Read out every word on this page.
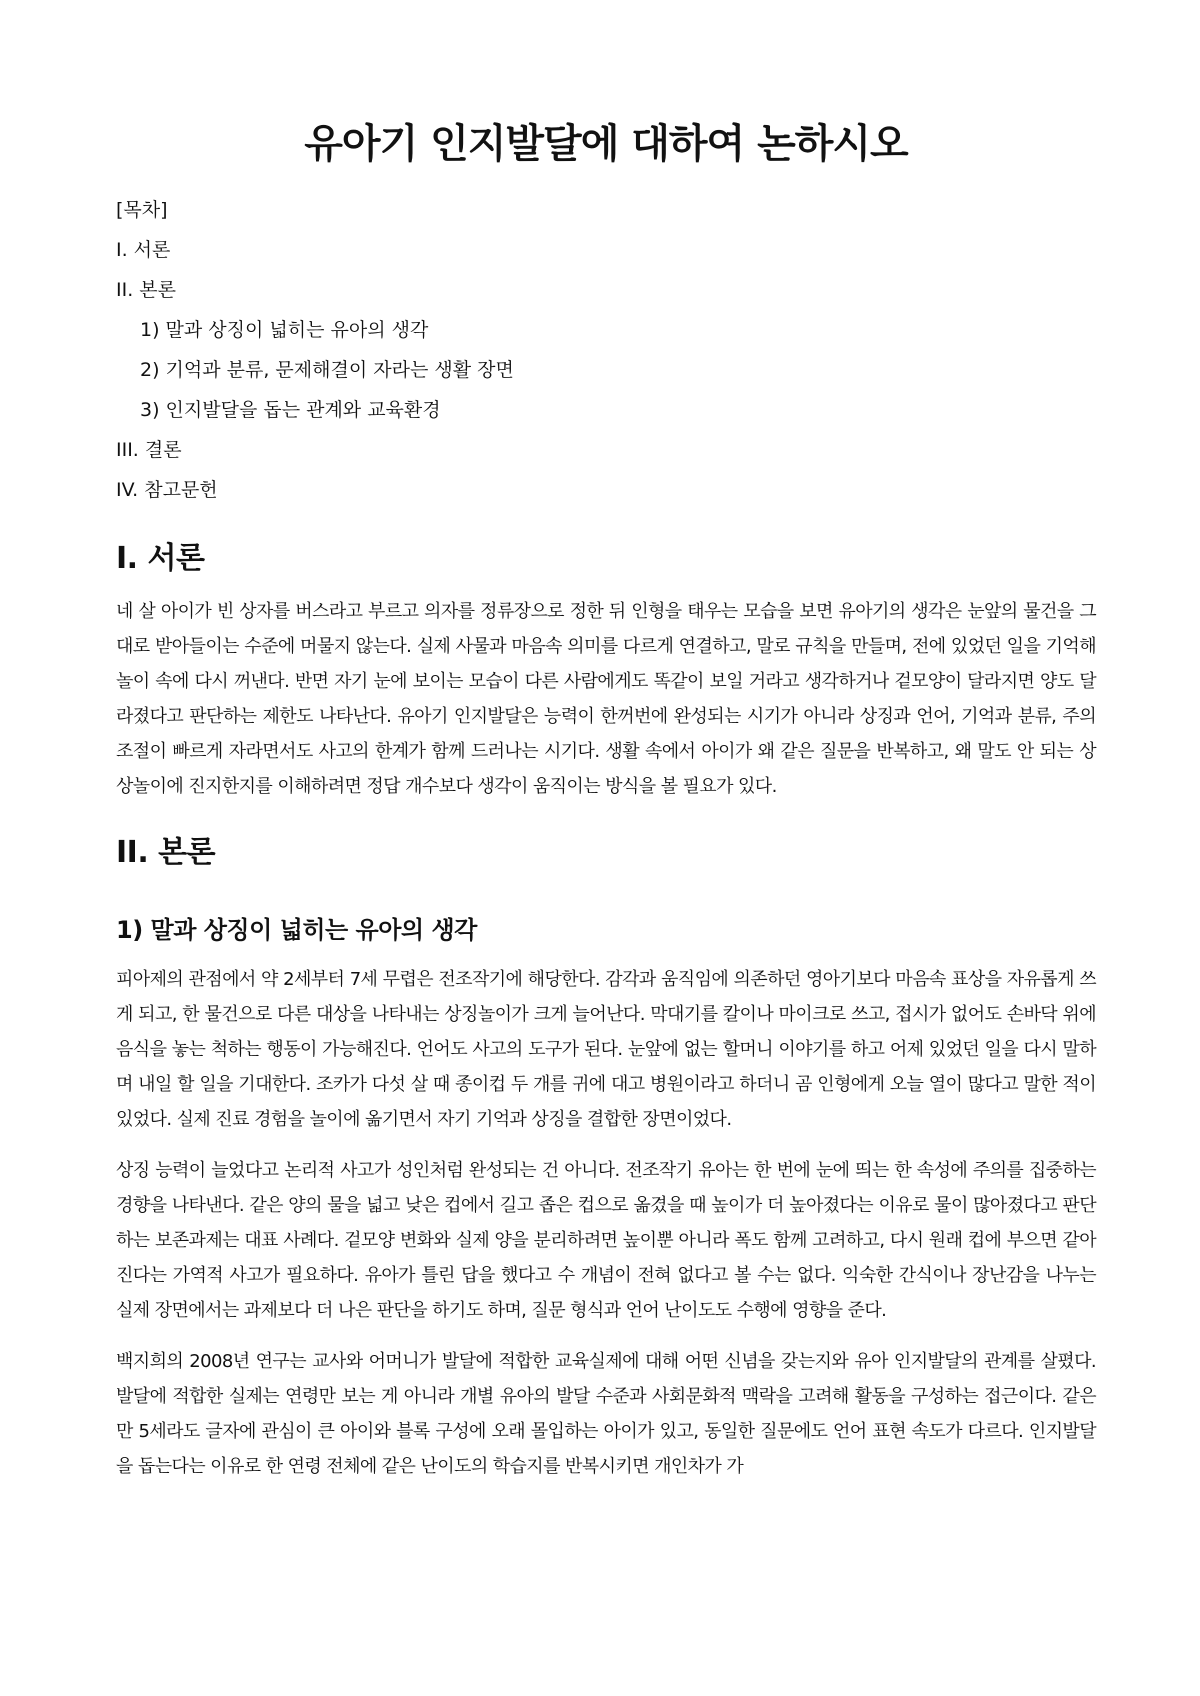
유아기 인지발달에 대하여 논하시오
[목차]
I. 서론
II. 본론
1) 말과 상징이 넓히는 유아의 생각
2) 기억과 분류, 문제해결이 자라는 생활 장면
3) 인지발달을 돕는 관계와 교육환경
III. 결론
IV. 참고문헌
I. 서론

네 살 아이가 빈 상자를 버스라고 부르고 의자를 정류장으로 정한 뒤 인형을 태우는 모습을 보면 유아기의 생각은 눈앞의 물건을 그대로 받아들이는 수준에 머물지 않는다. 실제 사물과 마음속 의미를 다르게 연결하고, 말로 규칙을 만들며, 전에 있었던 일을 기억해 놀이 속에 다시 꺼낸다. 반면 자기 눈에 보이는 모습이 다른 사람에게도 똑같이 보일 거라고 생각하거나 겉모양이 달라지면 양도 달라졌다고 판단하는 제한도 나타난다. 유아기 인지발달은 능력이 한꺼번에 완성되는 시기가 아니라 상징과 언어, 기억과 분류, 주의조절이 빠르게 자라면서도 사고의 한계가 함께 드러나는 시기다. 생활 속에서 아이가 왜 같은 질문을 반복하고, 왜 말도 안 되는 상상놀이에 진지한지를 이해하려면 정답 개수보다 생각이 움직이는 방식을 볼 필요가 있다.

II. 본론
1) 말과 상징이 넓히는 유아의 생각

피아제의 관점에서 약 2세부터 7세 무렵은 전조작기에 해당한다. 감각과 움직임에 의존하던 영아기보다 마음속 표상을 자유롭게 쓰게 되고, 한 물건으로 다른 대상을 나타내는 상징놀이가 크게 늘어난다. 막대기를 칼이나 마이크로 쓰고, 접시가 없어도 손바닥 위에 음식을 놓는 척하는 행동이 가능해진다. 언어도 사고의 도구가 된다. 눈앞에 없는 할머니 이야기를 하고 어제 있었던 일을 다시 말하며 내일 할 일을 기대한다. 조카가 다섯 살 때 종이컵 두 개를 귀에 대고 병원이라고 하더니 곰 인형에게 오늘 열이 많다고 말한 적이 있었다. 실제 진료 경험을 놀이에 옮기면서 자기 기억과 상징을 결합한 장면이었다.

상징 능력이 늘었다고 논리적 사고가 성인처럼 완성되는 건 아니다. 전조작기 유아는 한 번에 눈에 띄는 한 속성에 주의를 집중하는 경향을 나타낸다. 같은 양의 물을 넓고 낮은 컵에서 길고 좁은 컵으로 옮겼을 때 높이가 더 높아졌다는 이유로 물이 많아졌다고 판단하는 보존과제는 대표 사례다. 겉모양 변화와 실제 양을 분리하려면 높이뿐 아니라 폭도 함께 고려하고, 다시 원래 컵에 부으면 같아진다는 가역적 사고가 필요하다. 유아가 틀린 답을 했다고 수 개념이 전혀 없다고 볼 수는 없다. 익숙한 간식이나 장난감을 나누는 실제 장면에서는 과제보다 더 나은 판단을 하기도 하며, 질문 형식과 언어 난이도도 수행에 영향을 준다.

백지희의 2008년 연구는 교사와 어머니가 발달에 적합한 교육실제에 대해 어떤 신념을 갖는지와 유아 인지발달의 관계를 살폈다. 발달에 적합한 실제는 연령만 보는 게 아니라 개별 유아의 발달 수준과 사회문화적 맥락을 고려해 활동을 구성하는 접근이다. 같은 만 5세라도 글자에 관심이 큰 아이와 블록 구성에 오래 몰입하는 아이가 있고, 동일한 질문에도 언어 표현 속도가 다르다. 인지발달을 돕는다는 이유로 한 연령 전체에 같은 난이도의 학습지를 반복시키면 개인차가 가
